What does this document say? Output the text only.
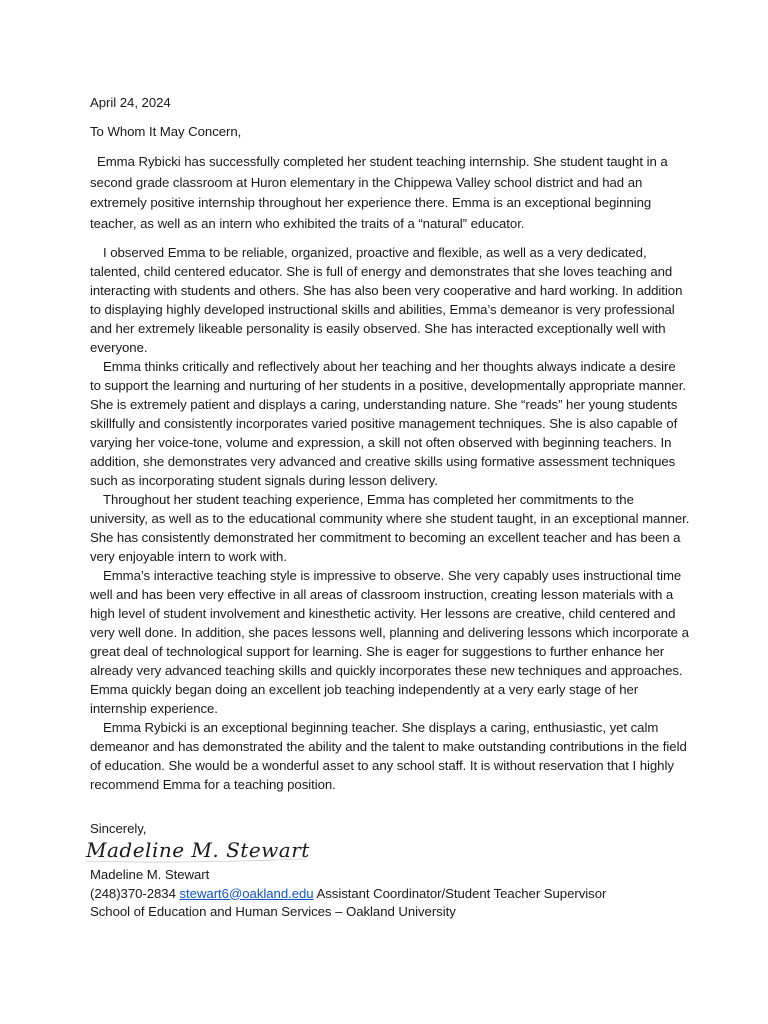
April 24, 2024

To Whom It May Concern,

Emma Rybicki has successfully completed her student teaching internship. She student taught in a second grade classroom at Huron elementary in the Chippewa Valley school district and had an extremely positive internship throughout her experience there. Emma is an exceptional beginning teacher, as well as an intern who exhibited the traits of a “natural” educator.

I observed Emma to be reliable, organized, proactive and flexible, as well as a very dedicated, talented, child centered educator. She is full of energy and demonstrates that she loves teaching and interacting with students and others. She has also been very cooperative and hard working. In addition to displaying highly developed instructional skills and abilities, Emma’s demeanor is very professional and her extremely likeable personality is easily observed. She has interacted exceptionally well with everyone.

Emma thinks critically and reflectively about her teaching and her thoughts always indicate a desire to support the learning and nurturing of her students in a positive, developmentally appropriate manner. She is extremely patient and displays a caring, understanding nature. She “reads” her young students skillfully and consistently incorporates varied positive management techniques. She is also capable of varying her voice-tone, volume and expression, a skill not often observed with beginning teachers. In addition, she demonstrates very advanced and creative skills using formative assessment techniques such as incorporating student signals during lesson delivery.

Throughout her student teaching experience, Emma has completed her commitments to the university, as well as to the educational community where she student taught, in an exceptional manner. She has consistently demonstrated her commitment to becoming an excellent teacher and has been a very enjoyable intern to work with.

Emma’s interactive teaching style is impressive to observe. She very capably uses instructional time well and has been very effective in all areas of classroom instruction, creating lesson materials with a high level of student involvement and kinesthetic activity. Her lessons are creative, child centered and very well done. In addition, she paces lessons well, planning and delivering lessons which incorporate a great deal of technological support for learning. She is eager for suggestions to further enhance her already very advanced teaching skills and quickly incorporates these new techniques and approaches. Emma quickly began doing an excellent job teaching independently at a very early stage of her internship experience.

Emma Rybicki is an exceptional beginning teacher. She displays a caring, enthusiastic, yet calm demeanor and has demonstrated the ability and the talent to make outstanding contributions in the field of education. She would be a wonderful asset to any school staff. It is without reservation that I highly recommend Emma for a teaching position.

Sincerely,

Madeline M. Stewart
Madeline M. Stewart
(248)370-2834 stewart6@oakland.edu Assistant Coordinator/Student Teacher Supervisor
School of Education and Human Services – Oakland University
